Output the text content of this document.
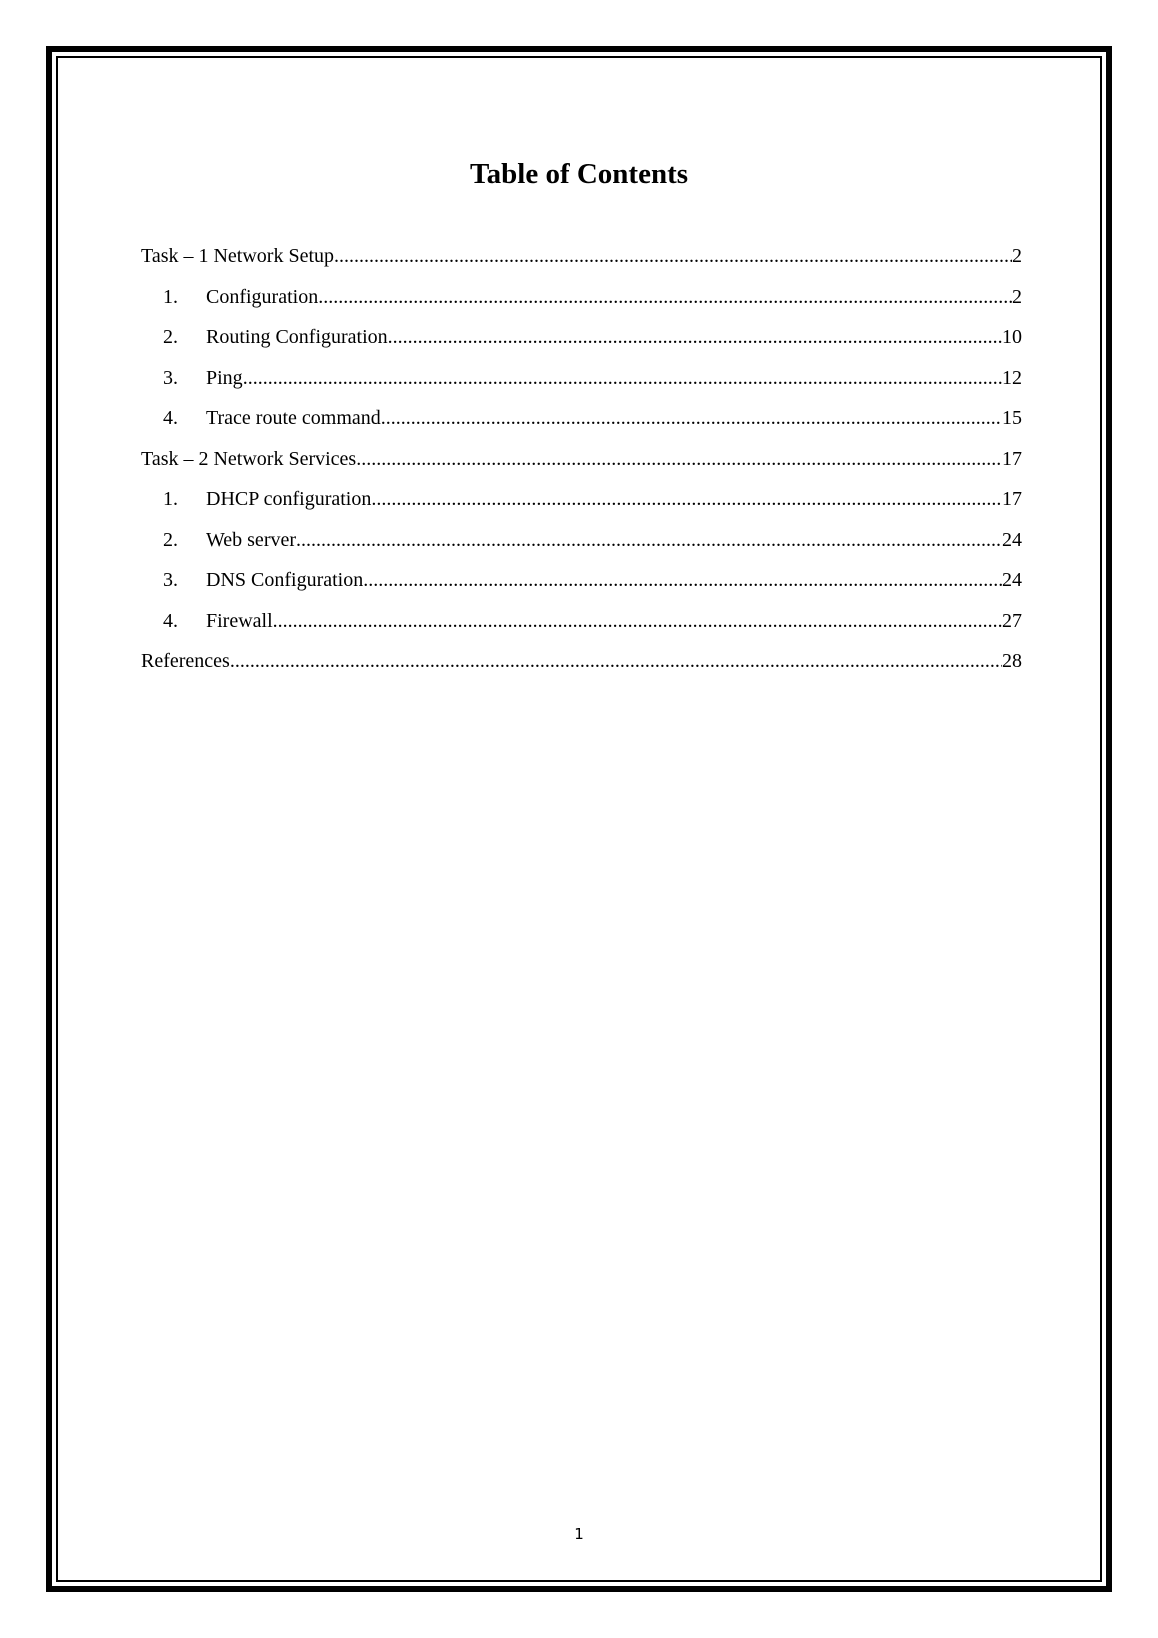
Table of Contents
Task – 1 Network Setup .....	2
1.	Configuration .....	2
2.	Routing Configuration .....	10
3.	Ping .....	12
4.	Trace route command .....	15
Task – 2 Network Services .....	17
1.	DHCP configuration .....	17
2.	Web server .....	24
3.	DNS Configuration .....	24
4.	Firewall .....	27
References .....	28
1
